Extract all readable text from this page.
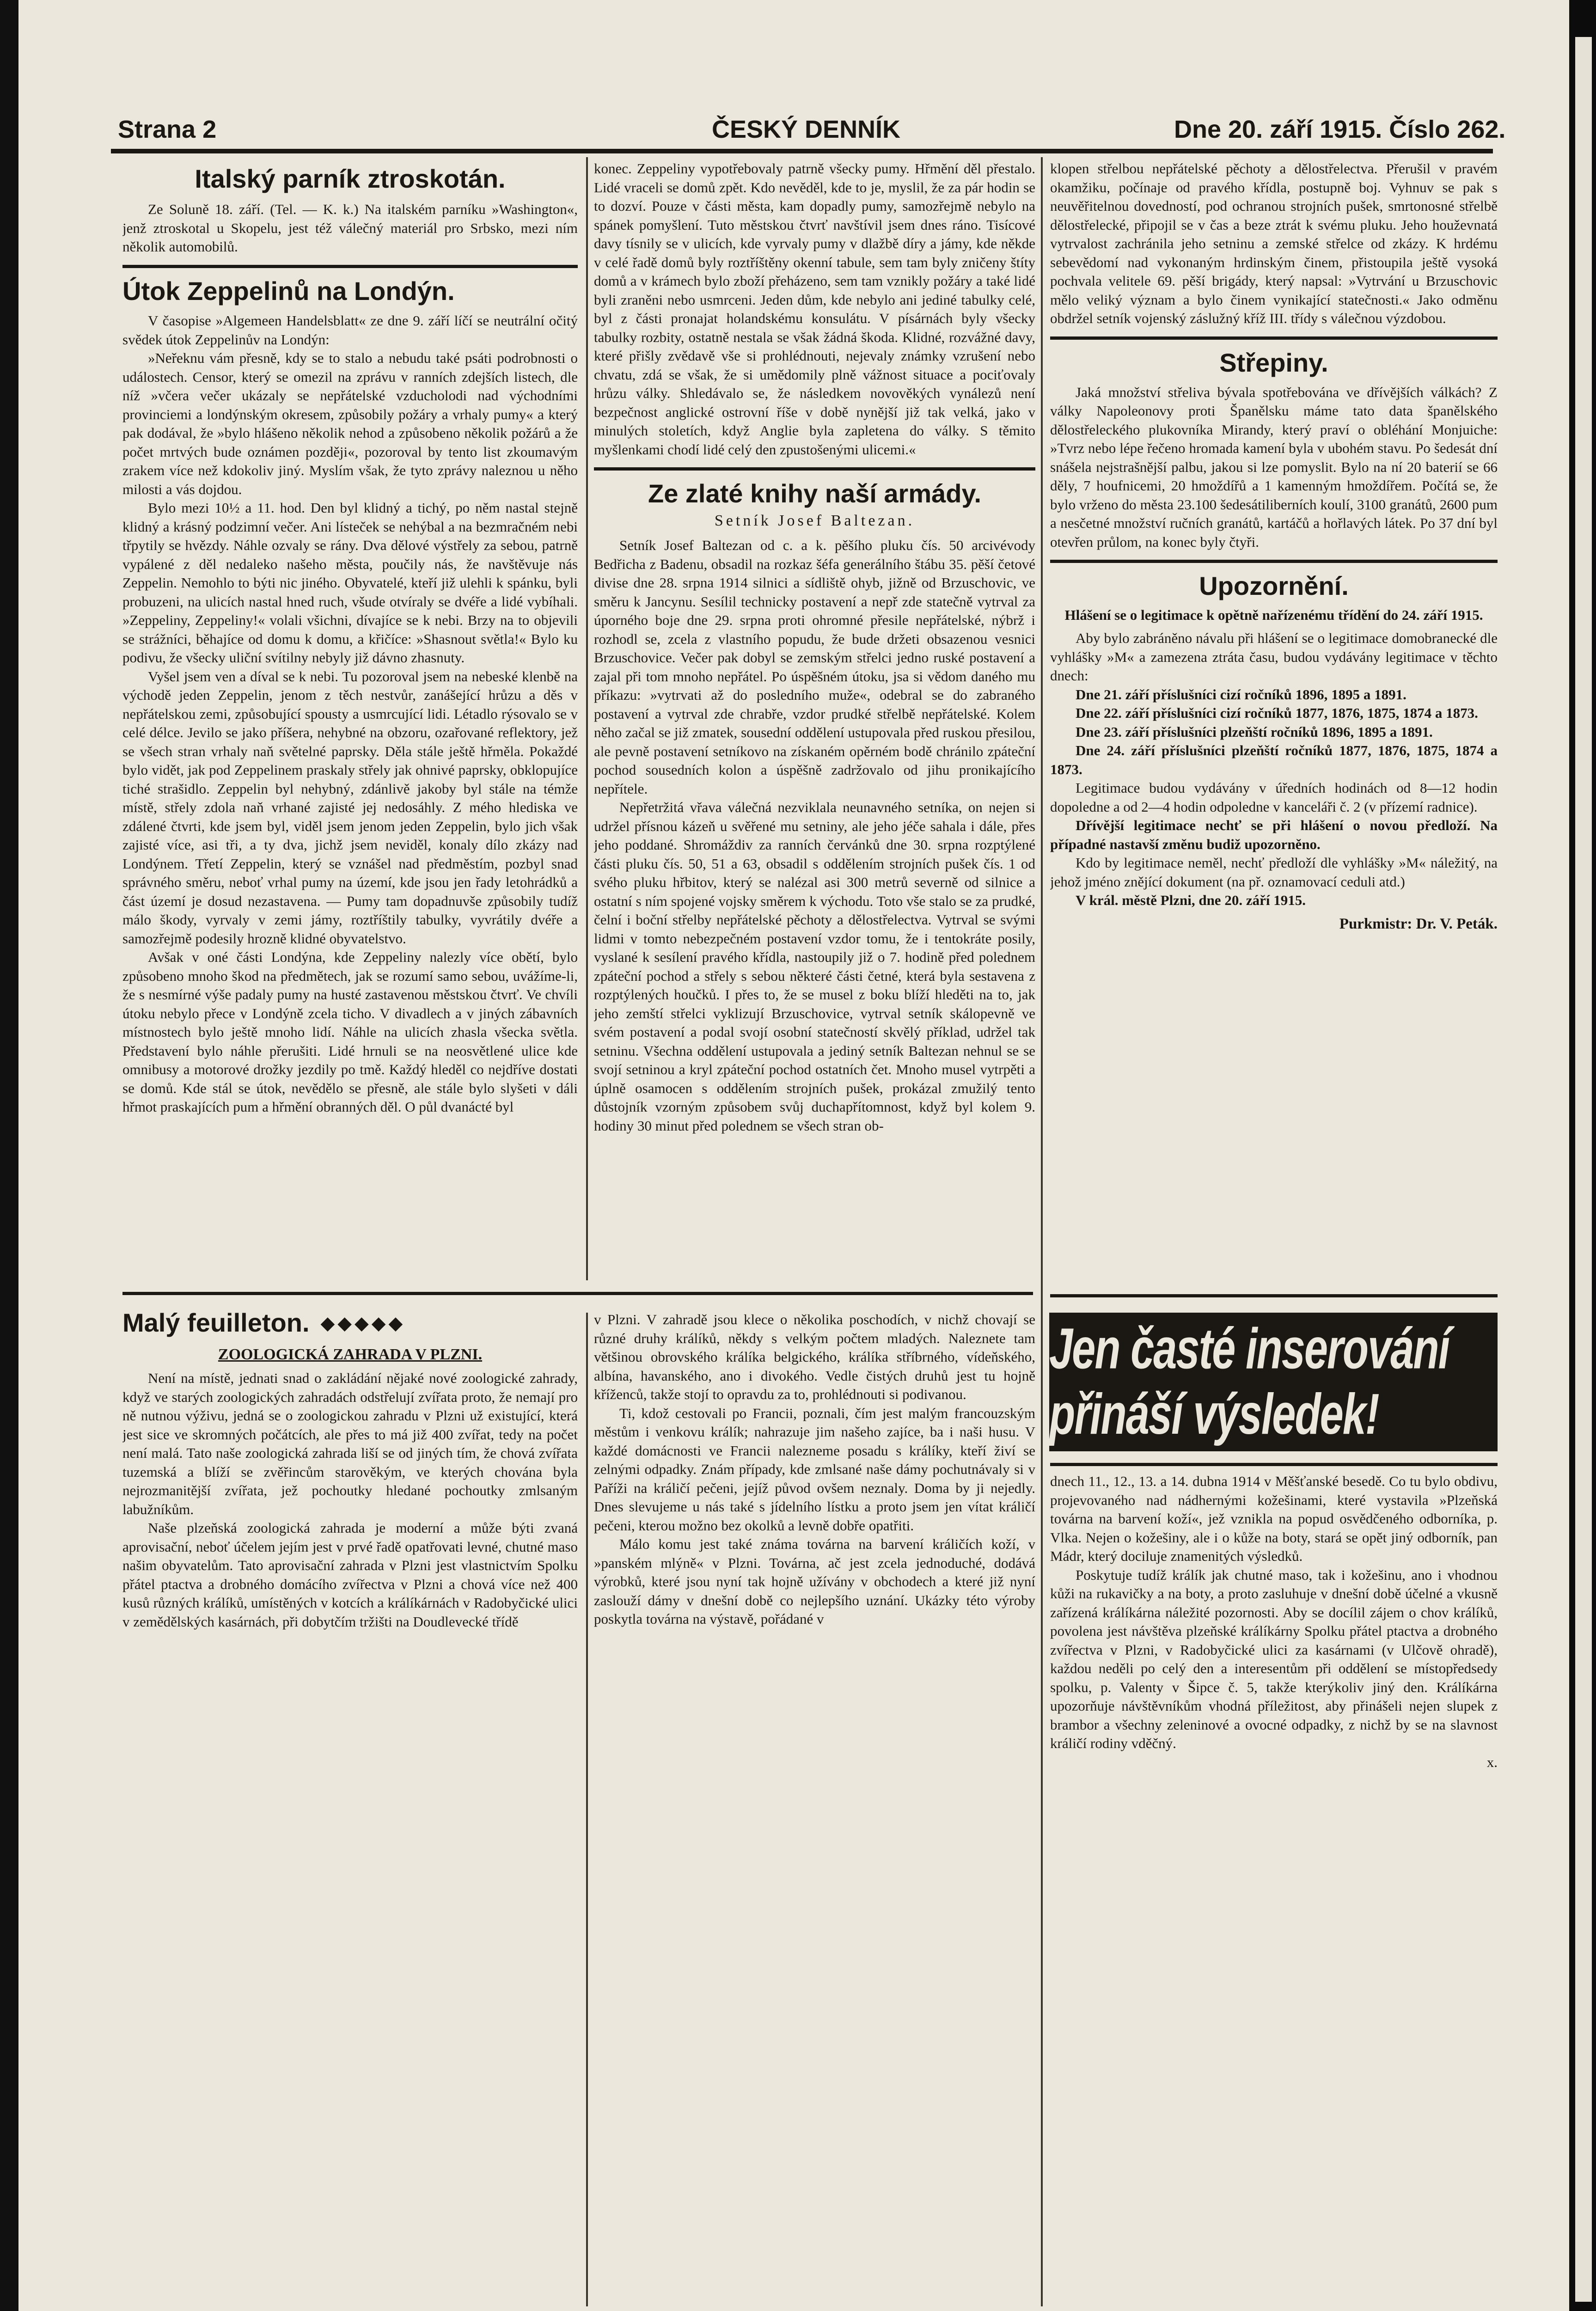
Strana 2	ČESKÝ DENNÍK	Dne 20. září 1915. Číslo 262.
Italský parník ztroskotán.

Ze Soluně 18. září. (Tel. — K. k.) Na italském parníku »Washington«, jenž ztroskotal u Skopelu, jest též válečný materiál pro Srbsko, mezi ním několik automobilů.

Útok Zeppelinů na Londýn.

V časopise »Algemeen Handelsblatt« ze dne 9. září líčí se neutrální očitý svědek útok Zeppelinův na Londýn:

»Neřeknu vám přesně, kdy se to stalo a nebudu také psáti podrobnosti o událostech. Censor, který se omezil na zprávu v ranních zdejších listech, dle níž »včera večer ukázaly se nepřátelské vzducholodi nad východními provinciemi a londýnským okresem, způsobily požáry a vrhaly pumy« a který pak dodával, že »bylo hlášeno několik nehod a způsobeno několik požárů a že počet mrtvých bude oznámen později«, pozoroval by tento list zkoumavým zrakem více než kdokoliv jiný. Myslím však, že tyto zprávy naleznou u něho milosti a vás dojdou.

Bylo mezi 10½ a 11. hod. Den byl klidný a tichý, po něm nastal stejně klidný a krásný podzimní večer. Ani lísteček se nehýbal a na bezmračném nebi třpytily se hvězdy. Náhle ozvaly se rány. Dva dělové výstřely za sebou, patrně vypálené z děl nedaleko našeho města, poučily nás, že navštěvuje nás Zeppelin. Nemohlo to býti nic jiného. Obyvatelé, kteří již ulehli k spánku, byli probuzeni, na ulicích nastal hned ruch, všude otvíraly se dvéře a lidé vybíhali. »Zeppeliny, Zeppeliny!« volali všichni, dívajíce se k nebi. Brzy na to objevili se strážníci, běhajíce od domu k domu, a křičíce: »Shasnout světla!« Bylo ku podivu, že všecky uliční svítilny nebyly již dávno zhasnuty.

Vyšel jsem ven a díval se k nebi. Tu pozoroval jsem na nebeské klenbě na východě jeden Zeppelin, jenom z těch nestvůr, zanášející hrůzu a děs v nepřátelskou zemi, způsobující spousty a usmrcující lidi. Létadlo rýsovalo se v celé délce. Jevilo se jako příšera, nehybné na obzoru, ozařované reflektory, jež se všech stran vrhaly naň světelné paprsky. Děla stále ještě hřměla. Pokaždé bylo vidět, jak pod Zeppelinem praskaly střely jak ohnivé paprsky, obklopujíce tiché strašidlo. Zeppelin byl nehybný, zdánlivě jakoby byl stále na témže místě, střely zdola naň vrhané zajisté jej nedosáhly. Z mého hlediska ve zdálené čtvrti, kde jsem byl, viděl jsem jenom jeden Zeppelin, bylo jich však zajisté více, asi tři, a ty dva, jichž jsem neviděl, konaly dílo zkázy nad Londýnem. Třetí Zeppelin, který se vznášel nad předměstím, pozbyl snad správného směru, neboť vrhal pumy na území, kde jsou jen řady letohrádků a část území je dosud nezastavena. — Pumy tam dopadnuvše způsobily tudíž málo škody, vyrvaly v zemi jámy, roztříštily tabulky, vyvrátily dvéře a samozřejmě podesily hrozně klidné obyvatelstvo.

Avšak v oné části Londýna, kde Zeppeliny nalezly více obětí, bylo způsobeno mnoho škod na předmětech, jak se rozumí samo sebou, uvážíme-li, že s nesmírné výše padaly pumy na husté zastavenou městskou čtvrť. Ve chvíli útoku nebylo přece v Londýně zcela ticho. V divadlech a v jiných zábavních místnostech bylo ještě mnoho lidí. Náhle na ulicích zhasla všecka světla. Představení bylo náhle přerušiti. Lidé hrnuli se na neosvětlené ulice kde omnibusy a motorové drožky jezdily po tmě. Každý hleděl co nejdříve dostati se domů. Kde stál se útok, nevědělo se přesně, ale stále bylo slyšeti v dáli hřmot praskajících pum a hřmění obranných děl. O půl dvanácté byl

konec. Zeppeliny vypotřebovaly patrně všecky pumy. Hřmění děl přestalo. Lidé vraceli se domů zpět. Kdo nevěděl, kde to je, myslil, že za pár hodin se to dozví. Pouze v části města, kam dopadly pumy, samozřejmě nebylo na spánek pomyšlení. Tuto městskou čtvrť navštívil jsem dnes ráno. Tisícové davy tísnily se v ulicích, kde vyrvaly pumy v dlažbě díry a jámy, kde někde v celé řadě domů byly roztříštěny okenní tabule, sem tam byly zničeny štíty domů a v krámech bylo zboží přeházeno, sem tam vznikly požáry a také lidé byli zraněni nebo usmrceni. Jeden dům, kde nebylo ani jediné tabulky celé, byl z části pronajat holandskému konsulátu. V písárnách byly všecky tabulky rozbity, ostatně nestala se však žádná škoda. Klidné, rozvážné davy, které přišly zvědavě vše si prohlédnouti, nejevaly známky vzrušení nebo chvatu, zdá se však, že si umědomily plně vážnost situace a pociťovaly hrůzu války. Shledávalo se, že následkem novověkých vynálezů není bezpečnost anglické ostrovní říše v době nynější již tak velká, jako v minulých stoletích, když Anglie byla zapletena do války. S těmito myšlenkami chodí lidé celý den zpustošenými ulicemi.«

Ze zlaté knihy naší armády.
Setník Josef Baltezan.

Setník Josef Baltezan od c. a k. pěšího pluku čís. 50 arcivévody Bedřicha z Badenu, obsadil na rozkaz šéfa generálního štábu 35. pěší četové divise dne 28. srpna 1914 silnici a sídliště ohyb, jižně od Brzuschovic, ve směru k Jancynu. Sesílil technicky postavení a nepř zde statečně vytrval za úporného boje dne 29. srpna proti ohromné přesile nepřátelské, nýbrž i rozhodl se, zcela z vlastního popudu, že bude držeti obsazenou vesnici Brzuschovice. Večer pak dobyl se zemským střelci jedno ruské postavení a zajal při tom mnoho nepřátel. Po úspěšném útoku, jsa si vědom daného mu příkazu: »vytrvati až do posledního muže«, odebral se do zabraného postavení a vytrval zde chrabře, vzdor prudké střelbě nepřátelské. Kolem něho začal se již zmatek, sousední oddělení ustupovala před ruskou přesilou, ale pevně postavení setníkovo na získaném opěrném bodě chránilo zpáteční pochod sousedních kolon a úspěšně zadržovalo od jihu pronikajícího nepřítele.

Nepřetržitá vřava válečná nezviklala neunavného setníka, on nejen si udržel přísnou kázeň u svěřené mu setniny, ale jeho jéče sahala i dále, přes jeho poddané. Shromáždiv za ranních červánků dne 30. srpna rozptýlené části pluku čís. 50, 51 a 63, obsadil s oddělením strojních pušek čís. 1 od svého pluku hřbitov, který se nalézal asi 300 metrů severně od silnice a ostatní s ním spojené vojsky směrem k východu. Toto vše stalo se za prudké, čelní i boční střelby nepřátelské pěchoty a dělostřelectva. Vytrval se svými lidmi v tomto nebezpečném postavení vzdor tomu, že i tentokráte posily, vyslané k sesílení pravého křídla, nastoupily již o 7. hodině před polednem zpáteční pochod a střely s sebou některé části četné, která byla sestavena z rozptýlených houčků. I přes to, že se musel z boku blíží hleděti na to, jak jeho zemští střelci vyklizují Brzuschovice, vytrval setník skálopevně ve svém postavení a podal svojí osobní statečností skvělý příklad, udržel tak setninu. Všechna oddělení ustupovala a jediný setník Baltezan nehnul se se svojí setninou a kryl zpáteční pochod ostatních čet. Mnoho musel vytrpěti a úplně osamocen s oddělením strojních pušek, prokázal zmužilý tento důstojník vzorným způsobem svůj duchapřítomnost, když byl kolem 9. hodiny 30 minut před polednem se všech stran ob-

klopen střelbou nepřátelské pěchoty a dělostřelectva. Přerušil v pravém okamžiku, počínaje od pravého křídla, postupně boj. Vyhnuv se pak s neuvěřitelnou dovedností, pod ochranou strojních pušek, smrtonosné střelbě dělostřelecké, připojil se v čas a beze ztrát k svému pluku. Jeho houževnatá vytrvalost zachránila jeho setninu a zemské střelce od zkázy. K hrdému sebevědomí nad vykonaným hrdinským činem, přistoupila ještě vysoká pochvala velitele 69. pěší brigády, který napsal: »Vytrvání u Brzuschovic mělo veliký význam a bylo činem vynikající statečnosti.« Jako odměnu obdržel setník vojenský záslužný kříž III. třídy s válečnou výzdobou.

Střepiny.

Jaká množství střeliva bývala spotřebována ve dřívějších válkách? Z války Napoleonovy proti Španělsku máme tato data španělského dělostřeleckého plukovníka Mirandy, který praví o obléhání Monjuiche: »Tvrz nebo lépe řečeno hromada kamení byla v ubohém stavu. Po šedesát dní snášela nejstrašnější palbu, jakou si lze pomyslit. Bylo na ní 20 baterií se 66 děly, 7 houfnicemi, 20 hmoždířů a 1 kamenným hmoždířem. Počítá se, že bylo vrženo do města 23.100 šedesátiliberních koulí, 3100 granátů, 2600 pum a nesčetné množství ručních granátů, kartáčů a hořlavých látek. Po 37 dní byl otevřen průlom, na konec byly čtyři.

Upozornění.

Hlášení se o legitimace k opětně nařízenému třídění do 24. září 1915.

Aby bylo zabráněno návalu při hlášení se o legitimace domobranecké dle vyhlášky »M« a zamezena ztráta času, budou vydávány legitimace v těchto dnech:

Dne 21. září příslušníci cizí ročníků 1896, 1895 a 1891.

Dne 22. září příslušníci cizí ročníků 1877, 1876, 1875, 1874 a 1873.

Dne 23. září příslušníci plzeňští ročníků 1896, 1895 a 1891.

Dne 24. září příslušníci plzeňští ročníků 1877, 1876, 1875, 1874 a 1873.

Legitimace budou vydávány v úředních hodinách od 8—12 hodin dopoledne a od 2—4 hodin odpoledne v kanceláři č. 2 (v přízemí radnice).

Dřívější legitimace nechť se při hlášení o novou předloží. Na případné nastavší změnu budiž upozorněno.

Kdo by legitimace neměl, nechť předloží dle vyhlášky »M« náležitý, na jehož jméno znějící dokument (na př. oznamovací ceduli atd.)

V král. městě Plzni, dne 20. září 1915.

Purkmistr: Dr. V. Peták.
Jen časté inserování přináší výsledek!
Malý feuilleton. ◆◆◆◆◆
ZOOLOGICKÁ ZAHRADA V PLZNI.

Není na místě, jednati snad o zakládání nějaké nové zoologické zahrady, když ve starých zoologických zahradách odstřelují zvířata proto, že nemají pro ně nutnou výživu, jedná se o zoologickou zahradu v Plzni už existující, která jest sice ve skromných počátcích, ale přes to má již 400 zvířat, tedy na počet není malá. Tato naše zoologická zahrada liší se od jiných tím, že chová zvířata tuzemská a blíží se zvěřincům starověkým, ve kterých chována byla nejrozmanitější zvířata, jež pochoutky hledané pochoutky zmlsaným labužníkům.

Naše plzeňská zoologická zahrada je moderní a může býti zvaná aprovisační, neboť účelem jejím jest v prvé řadě opatřovati levné, chutné maso našim obyvatelům. Tato aprovisační zahrada v Plzni jest vlastnictvím Spolku přátel ptactva a drobného domácího zvířectva v Plzni a chová více než 400 kusů různých králíků, umístěných v kotcích a králíkárnách v Radobyčické ulici v zemědělských kasárnách, při dobytčím tržišti na Doudlevecké třídě

v Plzni. V zahradě jsou klece o několika poschodích, v nichž chovají se různé druhy králíků, někdy s velkým počtem mladých. Naleznete tam většinou obrovského králíka belgického, králíka stříbrného, vídeňského, albína, havanského, ano i divokého. Vedle čistých druhů jest tu hojně kříženců, takže stojí to opravdu za to, prohlédnouti si podivanou.

Ti, kdož cestovali po Francii, poznali, čím jest malým francouzským městům i venkovu králík; nahrazuje jim našeho zajíce, ba i naši husu. V každé domácnosti ve Francii nalezneme posadu s králíky, kteří živí se zelnými odpadky. Znám případy, kde zmlsané naše dámy pochutnávaly si v Paříži na králičí pečeni, jejíž původ ovšem neznaly. Doma by ji nejedly. Dnes slevujeme u nás také s jídelního lístku a proto jsem jen vítat králičí pečeni, kterou možno bez okolků a levně dobře opatřiti.

Málo komu jest také známa továrna na barvení králičích koží, v »panském mlýně« v Plzni. Továrna, ač jest zcela jednoduché, dodává výrobků, které jsou nyní tak hojně užívány v obchodech a které již nyní zaslouží dámy v dnešní době co nejlepšího uznání. Ukázky této výroby poskytla továrna na výstavě, pořádané v

dnech 11., 12., 13. a 14. dubna 1914 v Měšťanské besedě. Co tu bylo obdivu, projevovaného nad nádhernými kožešinami, které vystavila »Plzeňská továrna na barvení koží«, jež vznikla na popud osvědčeného odborníka, p. Vlka. Nejen o kožešiny, ale i o kůže na boty, stará se opět jiný odborník, pan Mádr, který dociluje znamenitých výsledků.

Poskytuje tudíž králík jak chutné maso, tak i kožešinu, ano i vhodnou kůži na rukavičky a na boty, a proto zasluhuje v dnešní době účelné a vkusně zařízená králíkárna náležité pozornosti. Aby se docílil zájem o chov králíků, povolena jest návštěva plzeňské králíkárny Spolku přátel ptactva a drobného zvířectva v Plzni, v Radobyčické ulici za kasárnami (v Ulčově ohradě), každou neděli po celý den a interesentům při oddělení se místopředsedy spolku, p. Valenty v Šipce č. 5, takže kterýkoliv jiný den. Králíkárna upozorňuje návštěvníkům vhodná příležitost, aby přinášeli nejen slupek z brambor a všechny zeleninové a ovocné odpadky, z nichž by se na slavnost králičí rodiny vděčný.

x.
